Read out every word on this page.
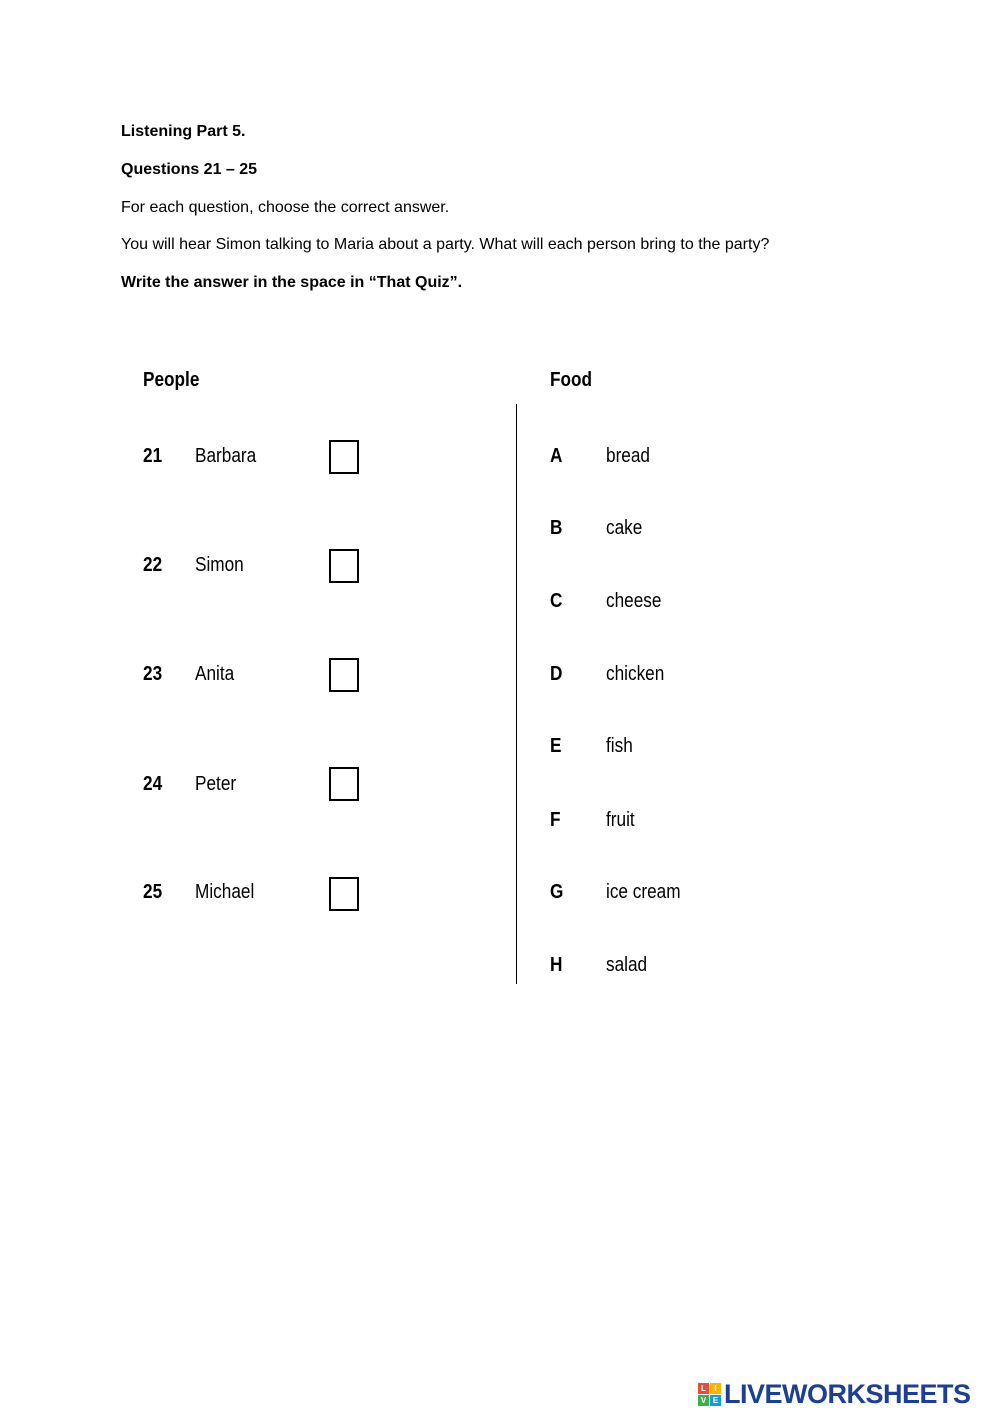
Listening Part 5.
Questions 21 – 25
For each question, choose the correct answer.
You will hear Simon talking to Maria about a party. What will each person bring to the party?
Write the answer in the space in “That Quiz”.
People	Food
21 Barbara
22 Simon
23 Anita
24 Peter
25 Michael
A bread
B cake
C cheese
D chicken
E fish
F fruit
G ice cream
H salad
L	I
V E LIVEWORKSHEETS
